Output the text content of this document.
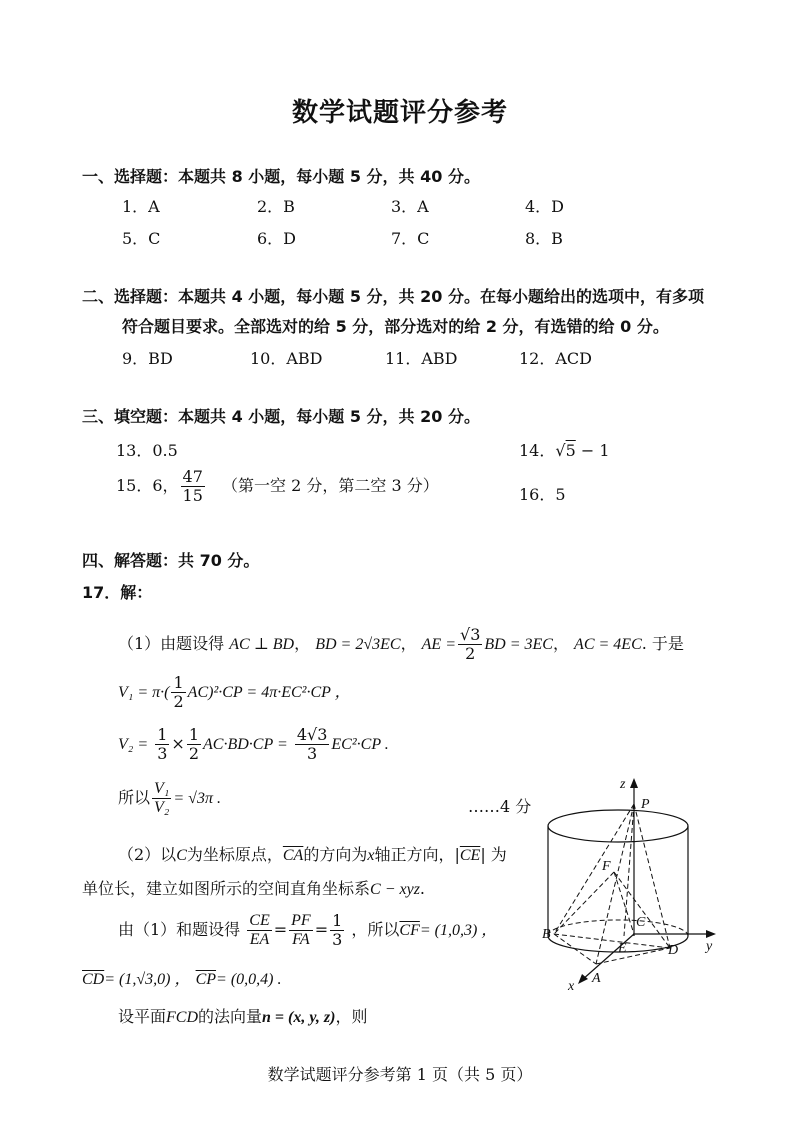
数学试题评分参考
一、选择题：本题共 8 小题，每小题 5 分，共 40 分。
1．A	2．B	3．A	4．D
5．C	6．D	7．C	8．B
二、选择题：本题共 4 小题，每小题 5 分，共 20 分。在每小题给出的选项中，有多项
符合题目要求。全部选对的给 5 分，部分选对的给 2 分，有选错的给 0 分。
9．BD	10．ABD	11．ABD	12．ACD
三、填空题：本题共 4 小题，每小题 5 分，共 20 分。
13．0.5	14．√5 − 1
15．6， $\frac{47}{15}$ （第一空 2 分，第二空 3 分）	16．5
四、解答题：共 70 分。
17．解：
（1）由题设得 AC ⊥ BD， BD = 2√3EC， AE = $\frac{√3}{2}$ BD = 3EC， AC = 4EC. 于是
$V_1 = \pi\cdot( \frac{1}{2} AC)^2\cdot CP = 4\pi\cdot EC^2\cdot CP$ ，
$V_2 = \frac{1}{3} \times \frac{1}{2} AC\cdot BD\cdot CP = \frac{4√3}{3} EC^2\cdot CP$ .
所以 $\frac{\text{V₁}}{\text{V₂}} = √3\pi$ .	……4 分
（2）以C为坐标原点，$\overline{CA}$的方向为x轴正方向，$|\overline{CE}|$ 为
单位长，建立如图所示的空间直角坐标系C − xyz.
由（1）和题设得 $\frac{CE}{EA} = \frac{PF}{FA} = \frac{1}{3}$ ，所以$\overline{CF}= (1,0,3)$ ，
$\overline{CD}= (1,√3,0)$ ， $\overline{CP}= (0,0,4)$ .
设平面FCD的法向量n = (x, y, z)，则
z
P
F
C
B
E	D y
x
A
数学试题评分参考第 1 页（共 5 页）
